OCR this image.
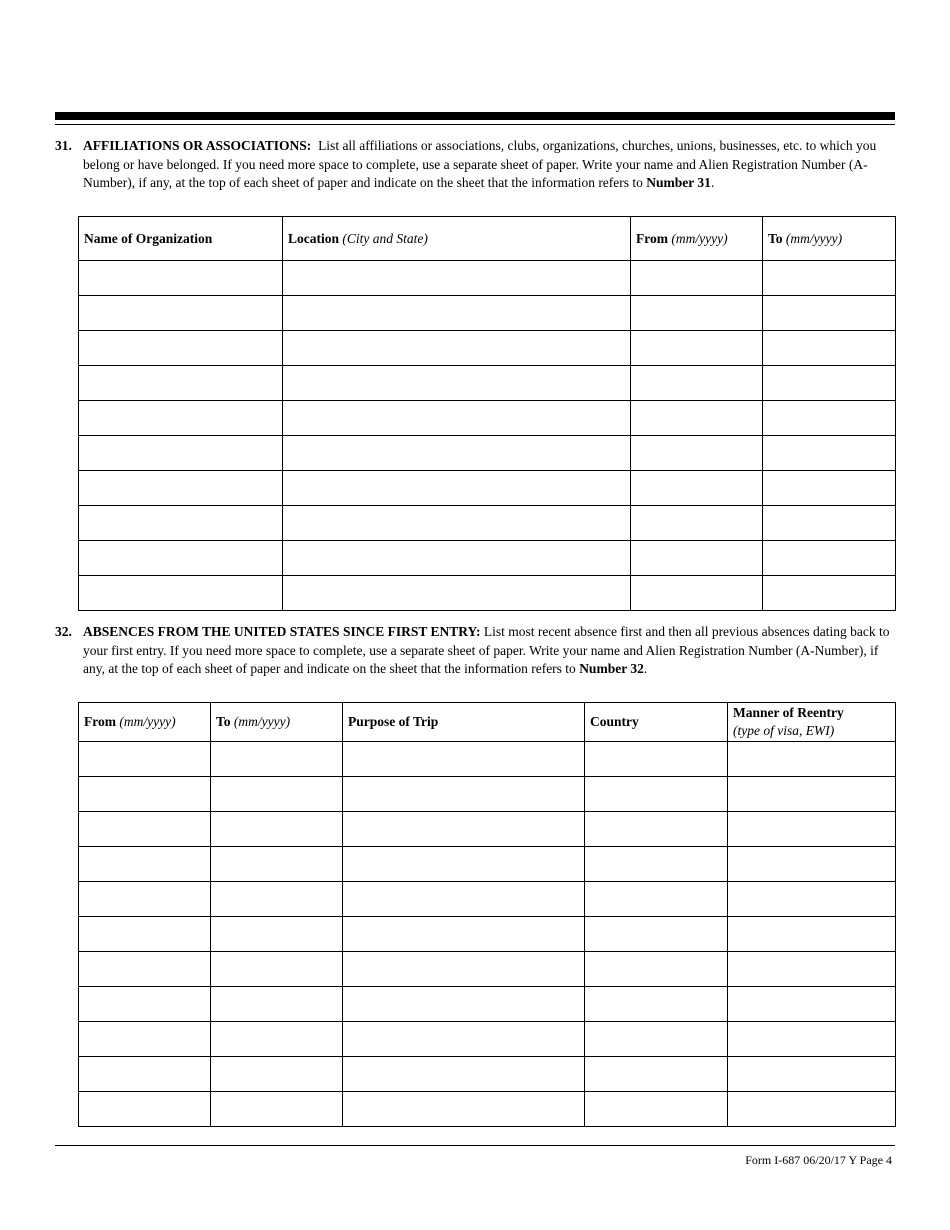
31. AFFILIATIONS OR ASSOCIATIONS: List all affiliations or associations, clubs, organizations, churches, unions, businesses, etc. to which you belong or have belonged. If you need more space to complete, use a separate sheet of paper. Write your name and Alien Registration Number (A-Number), if any, at the top of each sheet of paper and indicate on the sheet that the information refers to Number 31.
Name of Organization	Location (City and State)	From (mm/yyyy)	To (mm/yyyy)

32. ABSENCES FROM THE UNITED STATES SINCE FIRST ENTRY: List most recent absence first and then all previous absences dating back to your first entry. If you need more space to complete, use a separate sheet of paper. Write your name and Alien Registration Number (A-Number), if any, at the top of each sheet of paper and indicate on the sheet that the information refers to Number 32.
From (mm/yyyy)	To (mm/yyyy)	Purpose of Trip	Country	Manner of Reentry
(type of visa, EWI)

Form I-687 06/20/17 Y Page 4
